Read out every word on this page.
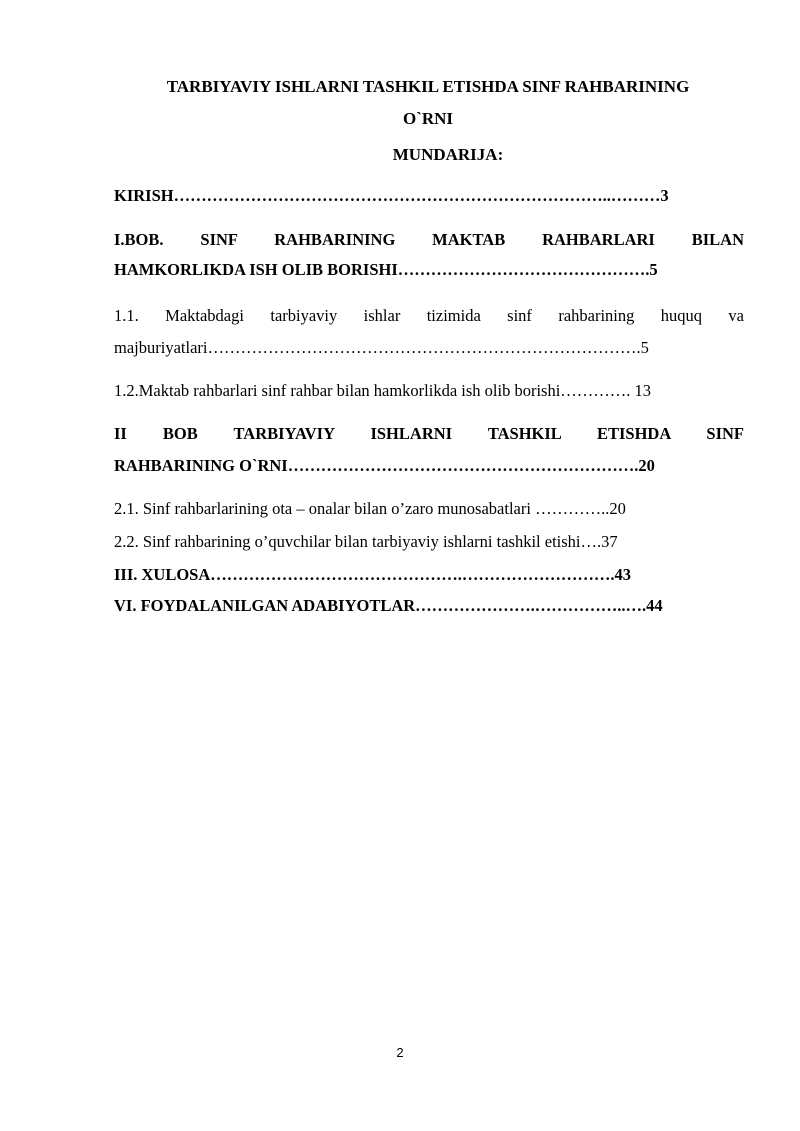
TARBIYAVIY ISHLARNI TASHKIL ETISHDA SINF RAHBARINING
O`RNI
MUNDARIJA:
KIRISH……………………………………………………………………..………3
I.BOB. SINF RAHBARINING MAKTAB RAHBARLARI BILAN
HAMKORLIKDA ISH OLIB BORISHI……………………………………….5
1.1. Maktabdagi tarbiyaviy ishlar tizimida sinf rahbarining huquq va
majburiyatlari…………………………………………………………………….5
1.2.Maktab rahbarlari sinf rahbar bilan hamkorlikda ish olib borishi…………. 13
II BOB TARBIYAVIY ISHLARNI TASHKIL ETISHDA SINF
RAHBARINING O`RNI……………………………………………………….20
2.1. Sinf rahbarlarining ota – onalar bilan o’zaro munosabatlari …………..20
2.2. Sinf rahbarining o’quvchilar bilan tarbiyaviy ishlarni tashkil etishi….37
III. XULOSA……………………………………….……………………….43
VI. FOYDALANILGAN ADABIYOTLAR………………….……………..….44
2
